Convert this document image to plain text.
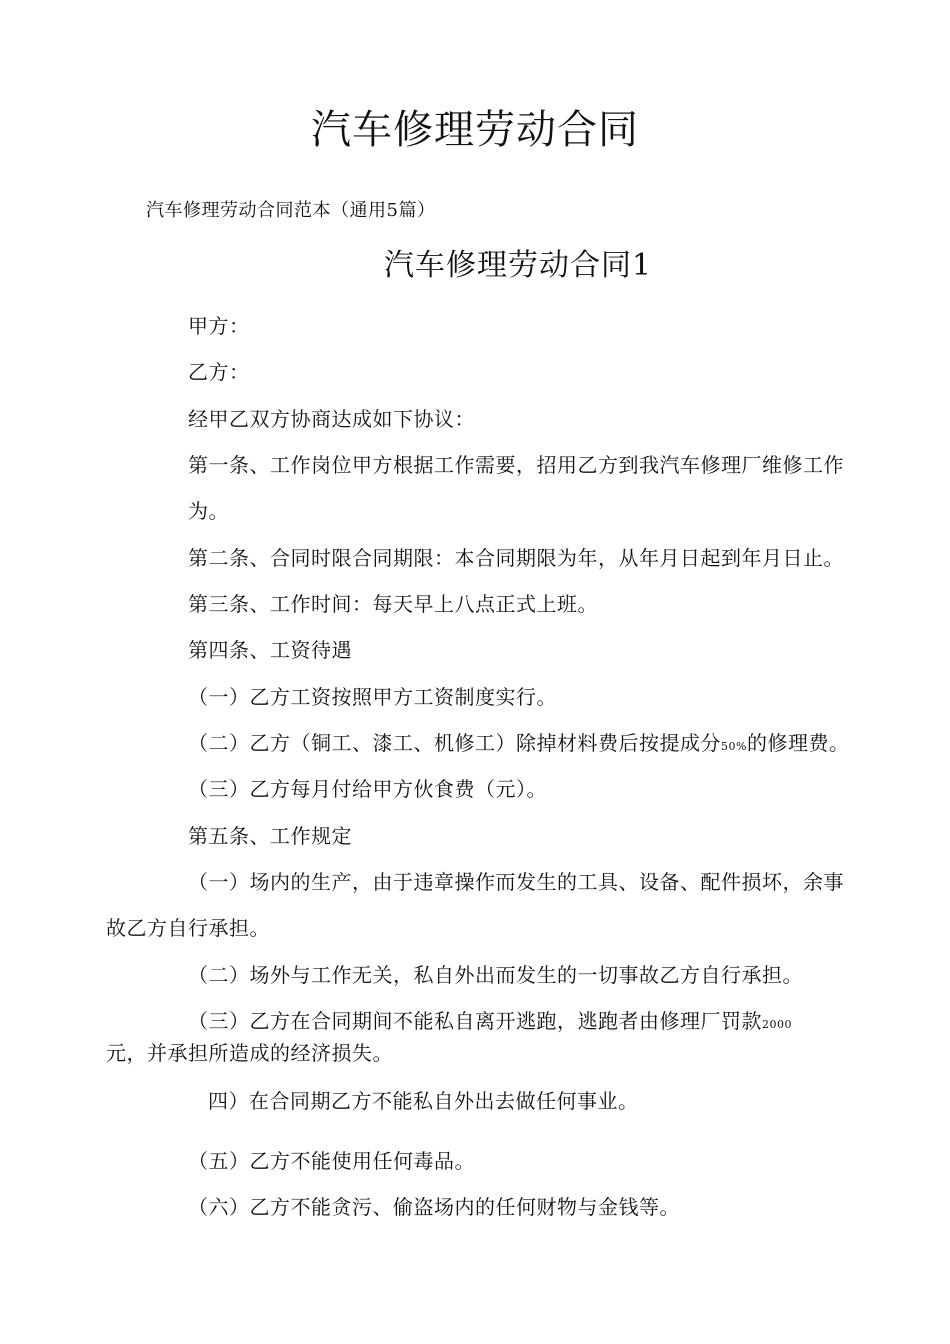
汽车修理劳动合同
汽车修理劳动合同范本（通用5篇）
汽车修理劳动合同1
甲方：
乙方：
经甲乙双方协商达成如下协议：
第一条、工作岗位甲方根据工作需要，招用乙方到我汽车修理厂维修工作
为。
第二条、合同时限合同期限：本合同期限为年，从年月日起到年月日止。
第三条、工作时间：每天早上八点正式上班。
第四条、工资待遇
（一）乙方工资按照甲方工资制度实行。
（二）乙方（铜工、漆工、机修工）除掉材料费后按提成分50%的修理费。
（三）乙方每月付给甲方伙食费（元）。
第五条、工作规定
（一）场内的生产，由于违章操作而发生的工具、设备、配件损坏，余事
故乙方自行承担。
（二）场外与工作无关，私自外出而发生的一切事故乙方自行承担。
（三）乙方在合同期间不能私自离开逃跑，逃跑者由修理厂罚款2000
元，并承担所造成的经济损失。
四）在合同期乙方不能私自外出去做任何事业。
（五）乙方不能使用任何毒品。
（六）乙方不能贪污、偷盗场内的任何财物与金钱等。
